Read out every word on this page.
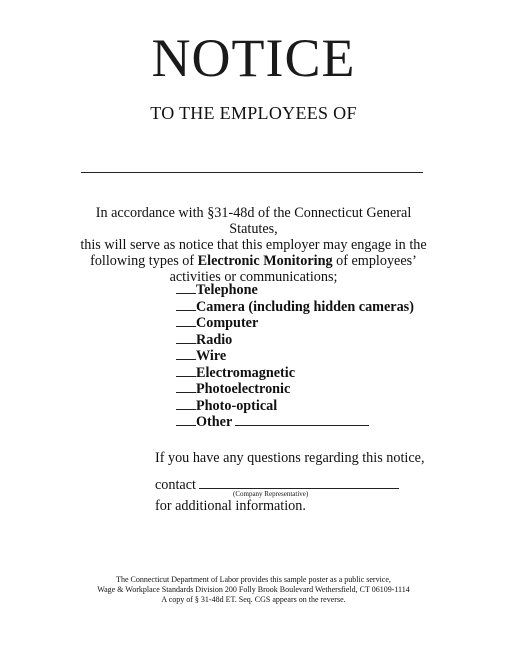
NOTICE
TO THE EMPLOYEES OF
In accordance with §31-48d of the Connecticut General Statutes,
this will serve as notice that this employer may engage in the
following types of Electronic Monitoring of employees’
activities or communications;
Telephone
Camera (including hidden cameras)
Computer
Radio
Wire
Electromagnetic
Photoelectronic
Photo-optical
Other
If you have any questions regarding this notice,
contact
(Company Representative)
for additional information.
The Connecticut Department of Labor provides this sample poster as a public service,
Wage & Workplace Standards Division 200 Folly Brook Boulevard Wethersfield, CT 06109-1114
A copy of § 31-48d ET. Seq. CGS appears on the reverse.
